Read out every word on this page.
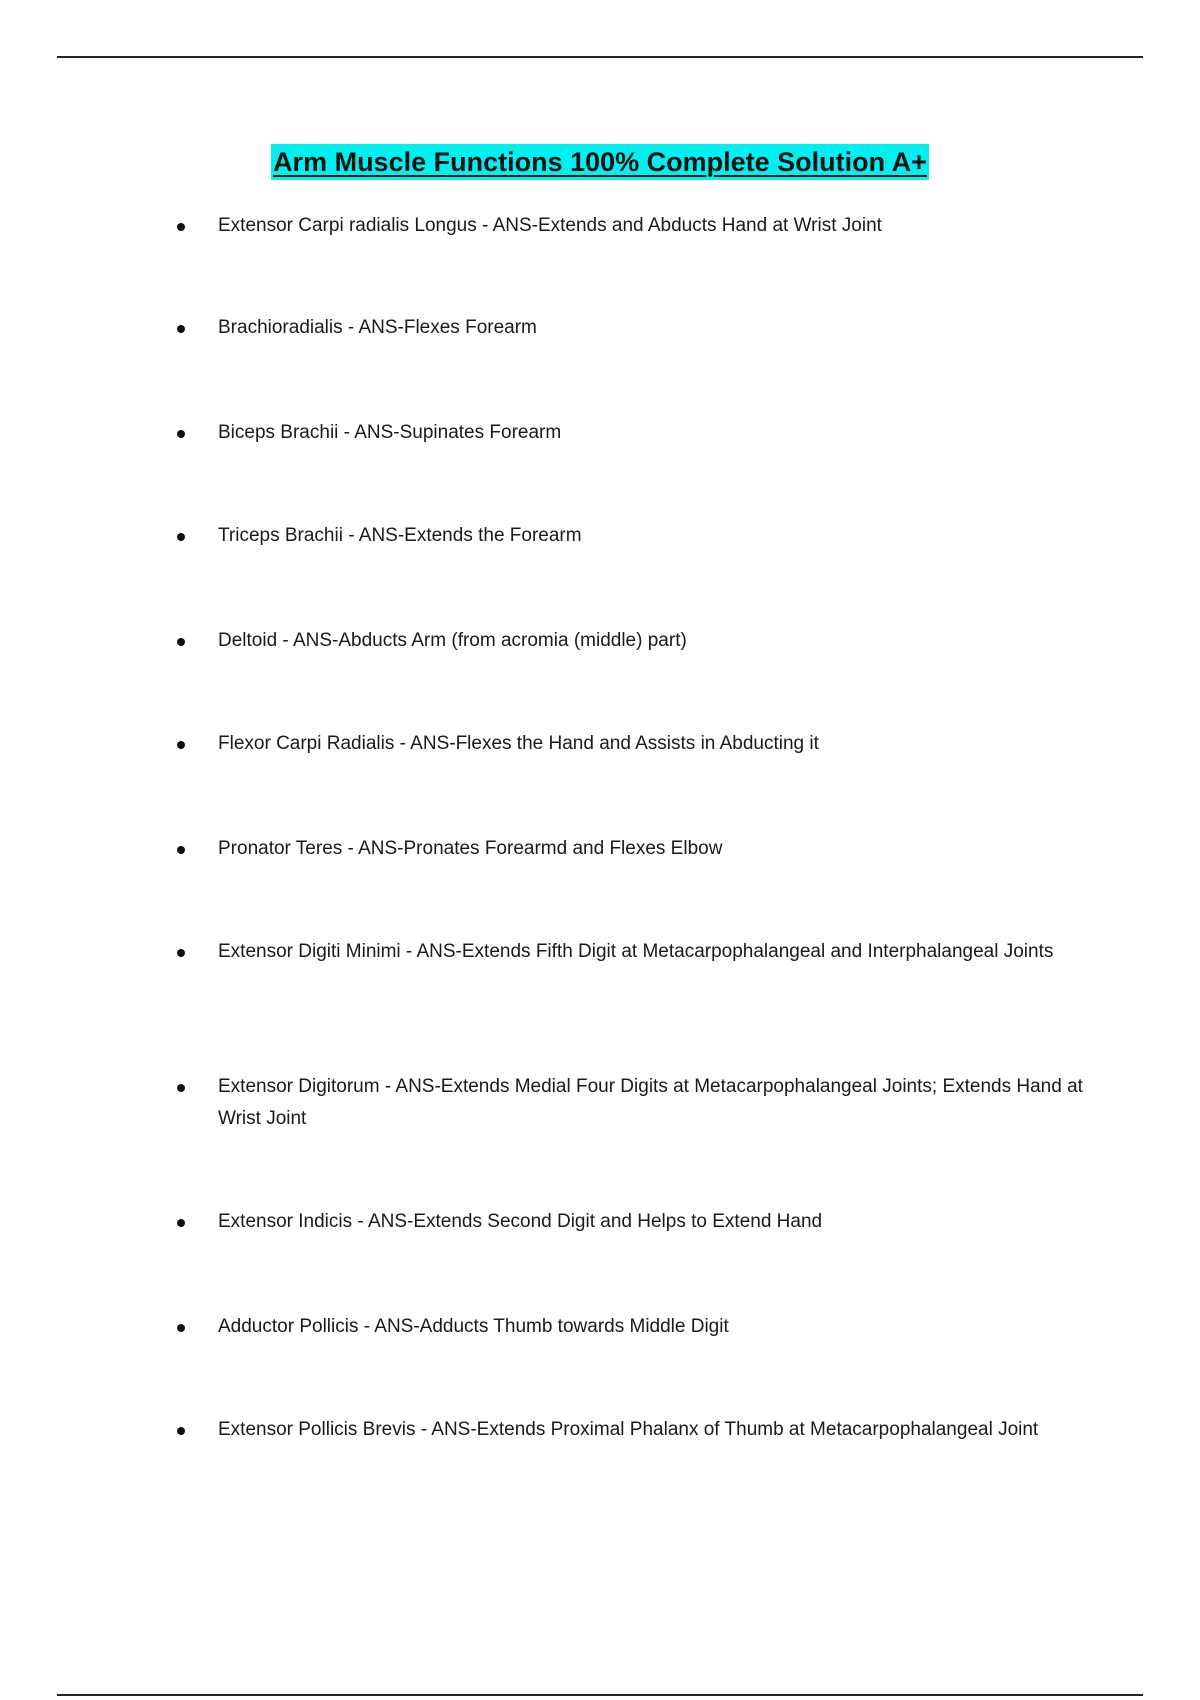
Arm Muscle Functions 100% Complete Solution A+
Extensor Carpi radialis Longus - ANS-Extends and Abducts Hand at Wrist Joint
Brachioradialis - ANS-Flexes Forearm
Biceps Brachii - ANS-Supinates Forearm
Triceps Brachii - ANS-Extends the Forearm
Deltoid - ANS-Abducts Arm (from acromia (middle) part)
Flexor Carpi Radialis - ANS-Flexes the Hand and Assists in Abducting it
Pronator Teres - ANS-Pronates Forearmd and Flexes Elbow
Extensor Digiti Minimi - ANS-Extends Fifth Digit at Metacarpophalangeal and Interphalangeal Joints
Extensor Digitorum - ANS-Extends Medial Four Digits at Metacarpophalangeal Joints; Extends Hand at Wrist Joint
Extensor Indicis - ANS-Extends Second Digit and Helps to Extend Hand
Adductor Pollicis - ANS-Adducts Thumb towards Middle Digit
Extensor Pollicis Brevis - ANS-Extends Proximal Phalanx of Thumb at Metacarpophalangeal Joint
